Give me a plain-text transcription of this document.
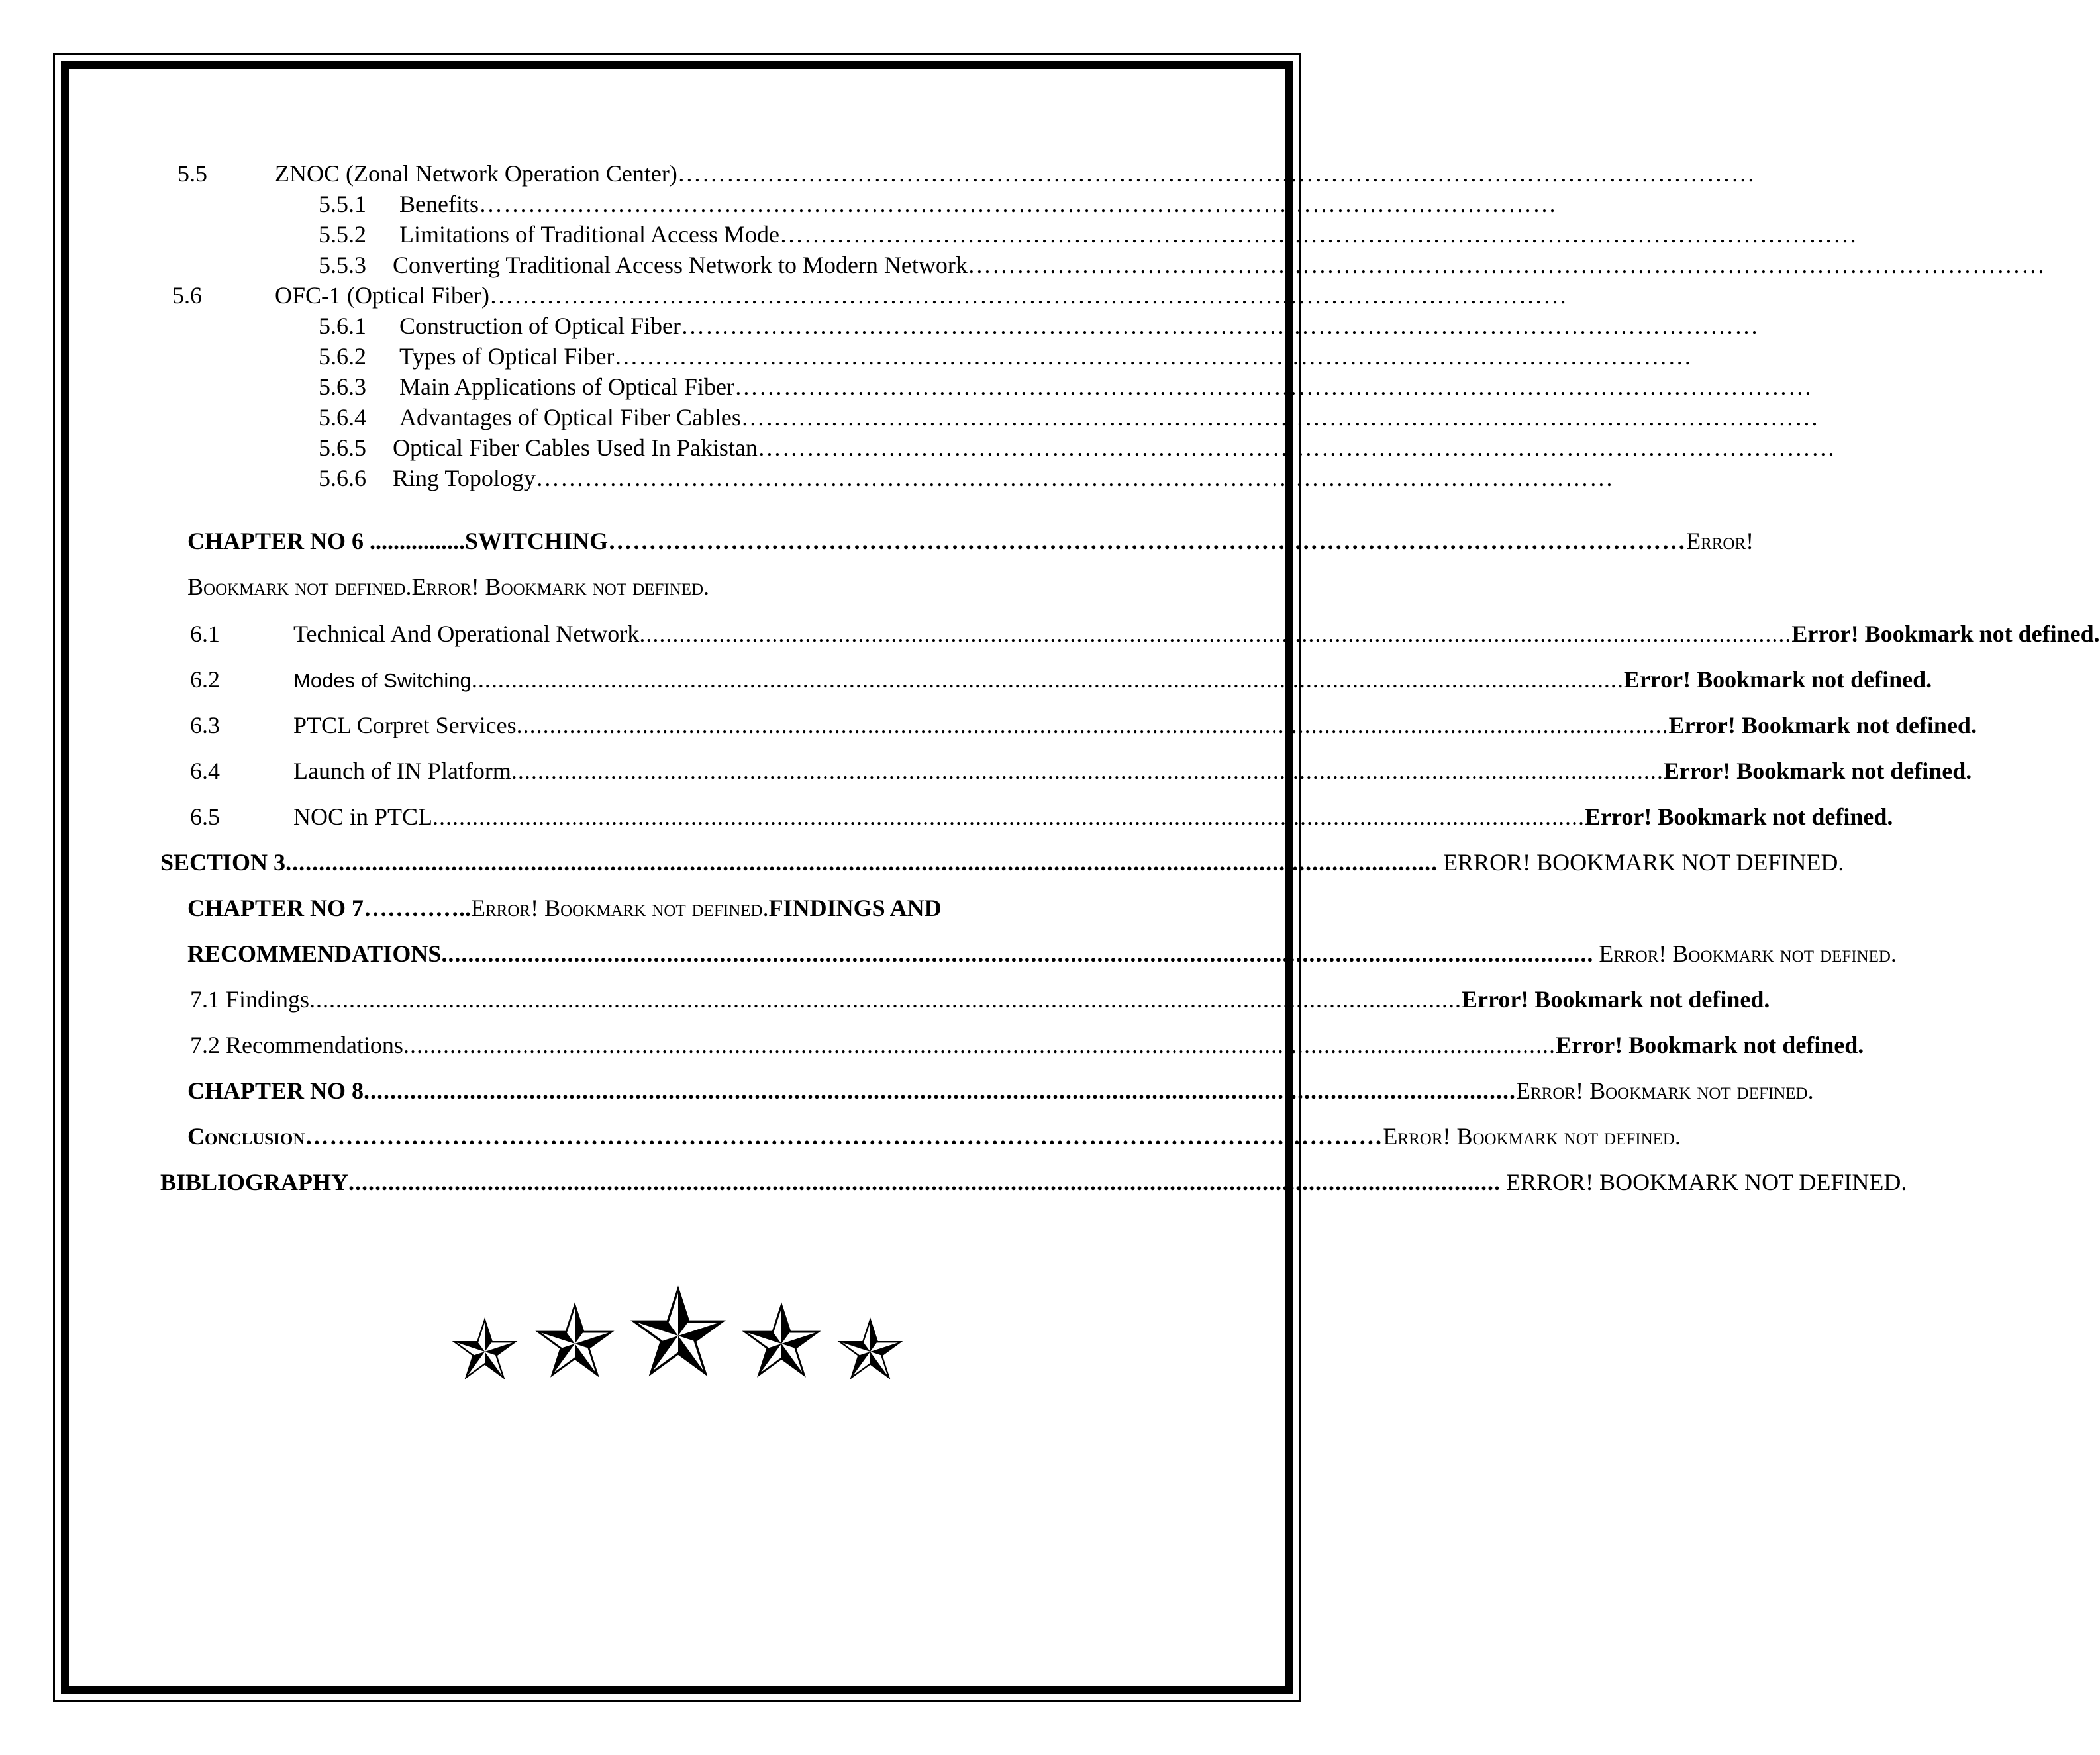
5.5	ZNOC (Zonal Network Operation Center) ……………………………………………………………………………………………………………………
5.5.1 Benefits ……………………………………………………………………………………………………………………
5.5.2 Limitations of Traditional Access Mode ……………………………………………………………………………………………………………………
5.5.3 Converting Traditional Access Network to Modern Network ……………………………………………………………………………………………………………………
5.6	OFC-1 (Optical Fiber) ……………………………………………………………………………………………………………………
5.6.1 Construction of Optical Fiber ……………………………………………………………………………………………………………………
5.6.2 Types of Optical Fiber ……………………………………………………………………………………………………………………
5.6.3 Main Applications of Optical Fiber ……………………………………………………………………………………………………………………
5.6.4 Advantages of Optical Fiber Cables ……………………………………………………………………………………………………………………
5.6.5 Optical Fiber Cables Used In Pakistan ……………………………………………………………………………………………………………………
5.6.6 Ring Topology ……………………………………………………………………………………………………………………
CHAPTER NO 6 ................ SWITCHING …………………………………………………………………………………………………………………… Error!
Bookmark not defined.Error! Bookmark not defined.
6.1	Technical And Operational Network .............................................................................................................................................................................. Error! Bookmark not defined.
6.2	Modes of Switching .............................................................................................................................................................................. Error! Bookmark not defined.
6.3	PTCL Corpret Services .............................................................................................................................................................................. Error! Bookmark not defined.
6.4	Launch of IN Platform .............................................................................................................................................................................. Error! Bookmark not defined.
6.5	NOC in PTCL .............................................................................................................................................................................. Error! Bookmark not defined.
SECTION 3 .............................................................................................................................................................................. ERROR! BOOKMARK NOT DEFINED.
CHAPTER NO 7…………..Error! Bookmark not defined.FINDINGS AND
RECOMMENDATIONS .............................................................................................................................................................................. Error! Bookmark not defined.
7.1 Findings .............................................................................................................................................................................. Error! Bookmark not defined.
7.2 Recommendations .............................................................................................................................................................................. Error! Bookmark not defined.
CHAPTER NO 8 .............................................................................................................................................................................. Error! Bookmark not defined.
Conclusion …………………………………………………………………………………………………………………… Error! Bookmark not defined.
BIBLIOGRAPHY .............................................................................................................................................................................. ERROR! BOOKMARK NOT DEFINED.
